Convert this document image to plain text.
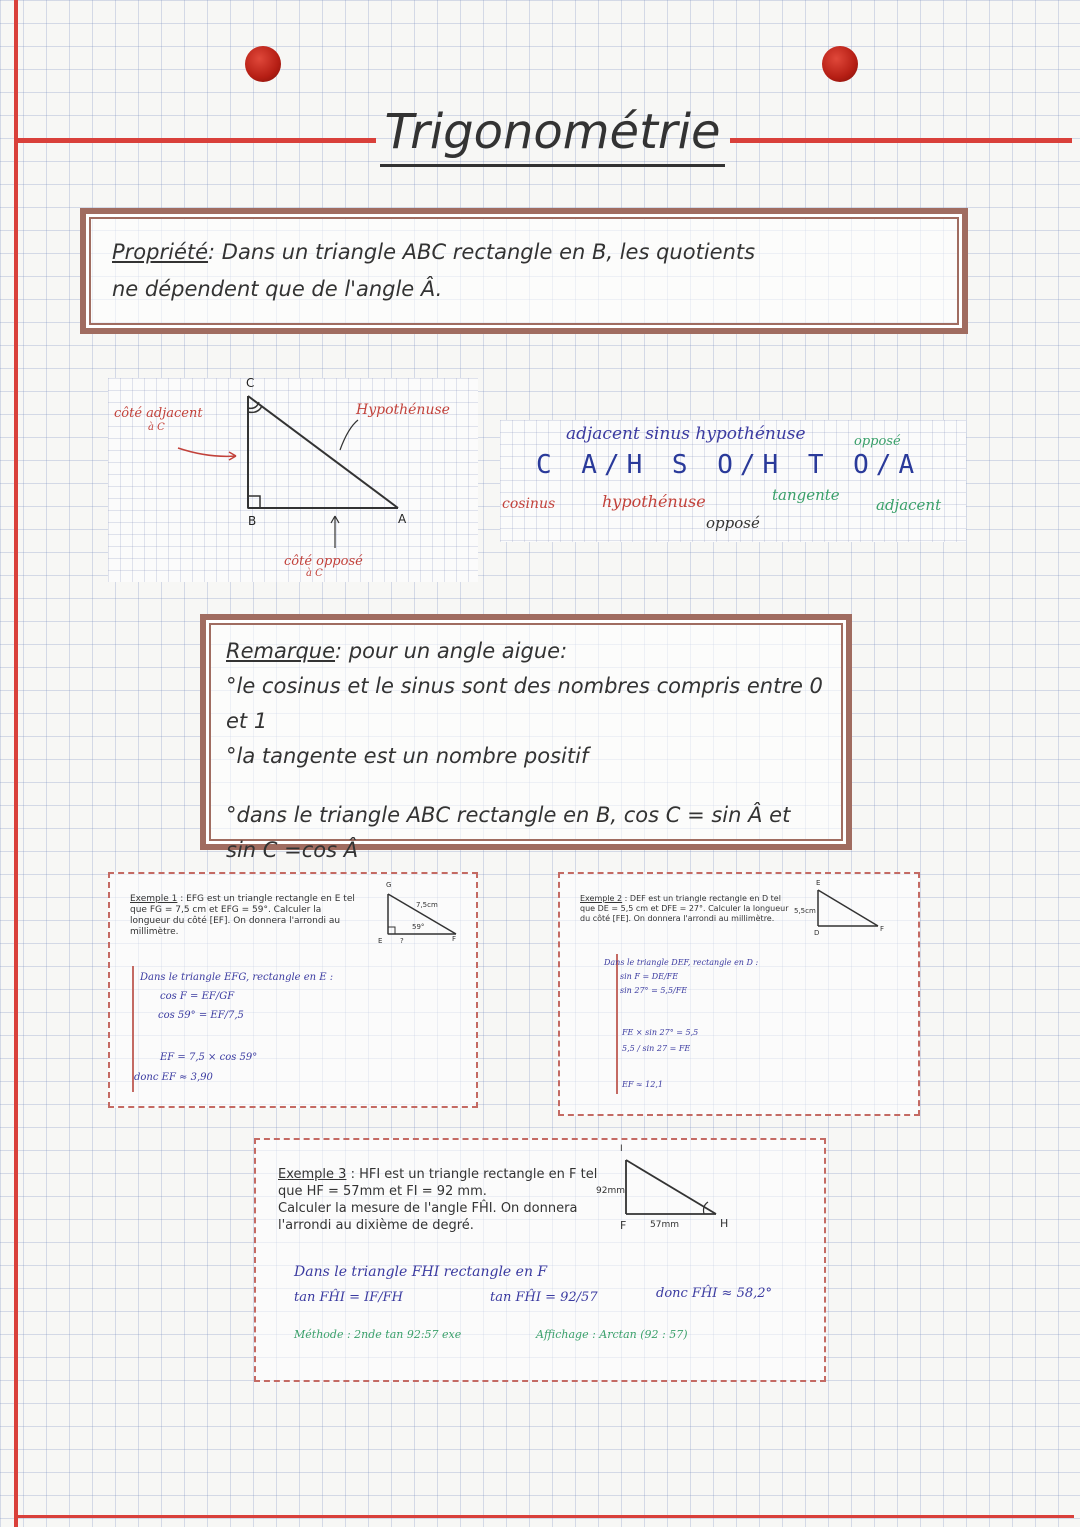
Trigonométrie
Propriété: Dans un triangle ABC rectangle en B, les quotients
ne dépendent que de l'angle Â.
C
B	A
côté adjacent
à C
Hypothénuse
côté opposé
à C
adjacent sinus hypothénuse	opposé
C A/H S O/H T O/A
cosinus	hypothénuse	tangente
adjacent
opposé
Remarque: pour un angle aigue:
°le cosinus et le sinus sont des nombres compris entre 0 et 1
°la tangente est un nombre positif

°dans le triangle ABC rectangle en B, cos C = sin Â et
sin C =cos Â
Exemple 1 : EFG est un triangle rectangle en E tel que FG = 7,5 cm et EFG = 59°. Calculer la longueur du côté [EF]. On donnera l'arrondi au millimètre.
G
E	F
7,5cm
59°
?
Dans le triangle EFG, rectangle en E :
cos F = EF/GF
cos 59° = EF/7,5

EF = 7,5 × cos 59°
donc EF ≈ 3,90
Exemple 2 : DEF est un triangle rectangle en D tel que DE = 5,5 cm et DFE = 27°. Calculer la longueur du côté [FE]. On donnera l'arrondi au millimètre.
E
D	F
5,5cm
Dans le triangle DEF, rectangle en D :
sin F = DE/FE
sin 27° = 5,5/FE
FE × sin 27° = 5,5
5,5 / sin 27 = FE
EF ≈ 12,1
Exemple 3 : HFI est un triangle rectangle en F tel
que HF = 57mm et FI = 92 mm.
Calculer la mesure de l'angle FĤI. On donnera
l'arrondi au dixième de degré.
I
F	H
92mm
57mm
Dans le triangle FHI rectangle en F
tan FĤI = IF/FH	tan FĤI = 92/57	donc FĤI ≈ 58,2°
Méthode : 2nde tan 92:57 exe	Affichage : Arctan (92 : 57)
